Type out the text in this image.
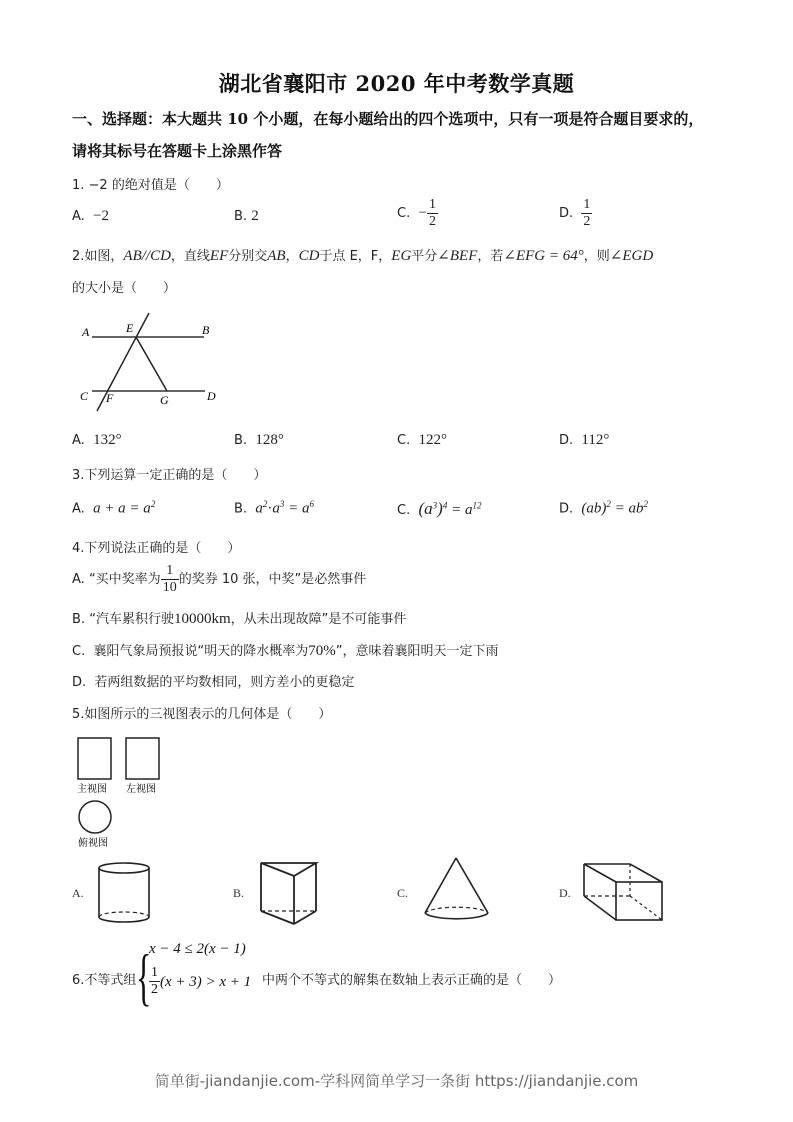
湖北省襄阳市 2020 年中考数学真题
一、选择题：本大题共 10 个小题，在每小题给出的四个选项中，只有一项是符合题目要求的，
请将其标号在答题卡上涂黑作答
1. −2 的绝对值是（　　）
A. −2	B. 2	C. − $\frac{1}{2}$	D. $\frac{1}{2}$
2.如图，AB//CD，直线EF分别交AB，CD于点 E，F，EG平分∠BEF，若∠EFG = 64°，则∠EGD
的大小是（　　）
A	E	B
C F	G	D
A. 132°	B. 128°	C. 122°	D. 112°
3.下列运算一定正确的是（　　）
A. $a + a = a^2$	B. $a^2\cdot a^3 = a^6$	C. $(a^3)^4 = a^{12}$	D. $(ab)^2 = ab^2$
4.下列说法正确的是（　　）
A. “买中奖率为 $\frac{1}{10}$ 的奖券 10 张，中奖”是必然事件
B. “汽车累积行驶10000km，从未出现故障”是不可能事件
C. 襄阳气象局预报说“明天的降水概率为70%”，意味着襄阳明天一定下雨
D. 若两组数据的平均数相同，则方差小的更稳定
5.如图所示的三视图表示的几何体是（　　）
主视图 左视图
俯视图
A.	B.	C.	D.
6.不等式组 {
x − 4 ≤ 2(x − 1)
$\frac{1}{2} (x + 3) > x + 1$ 中两个不等式的解集在数轴上表示正确的是（　　）
简单街-jiandanjie.com-学科网简单学习一条街 https://jiandanjie.com
